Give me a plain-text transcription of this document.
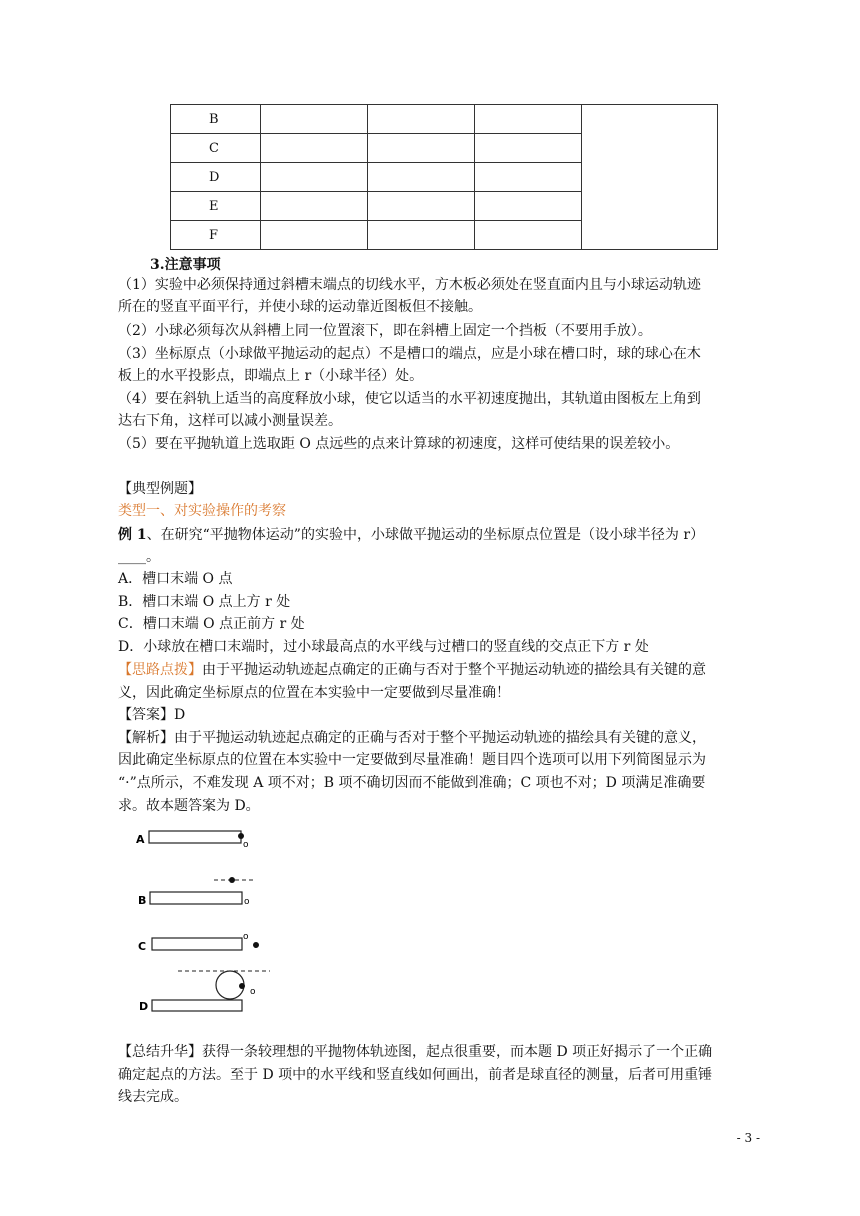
B				
C				
D				
E				
F				
3.注意事项
（1）实验中必须保持通过斜槽末端点的切线水平，方木板必须处在竖直面内且与小球运动轨迹
所在的竖直平面平行，并使小球的运动靠近图板但不接触。
（2）小球必须每次从斜槽上同一位置滚下，即在斜槽上固定一个挡板（不要用手放）。
（3）坐标原点（小球做平抛运动的起点）不是槽口的端点，应是小球在槽口时，球的球心在木
板上的水平投影点，即端点上 r（小球半径）处。
（4）要在斜轨上适当的高度释放小球，使它以适当的水平初速度抛出，其轨道由图板左上角到
达右下角，这样可以减小测量误差。
（5）要在平抛轨道上选取距 O 点远些的点来计算球的初速度，这样可使结果的误差较小。
【典型例题】
类型一、对实验操作的考察
例 1、在研究“平抛物体运动”的实验中，小球做平抛运动的坐标原点位置是（设小球半径为 r）
____。
A．槽口末端 O 点
B．槽口末端 O 点上方 r 处
C．槽口末端 O 点正前方 r 处
D．小球放在槽口末端时，过小球最高点的水平线与过槽口的竖直线的交点正下方 r 处
【思路点拨】由于平抛运动轨迹起点确定的正确与否对于整个平抛运动轨迹的描绘具有关键的意
义，因此确定坐标原点的位置在本实验中一定要做到尽量准确！
【答案】D
【解析】由于平抛运动轨迹起点确定的正确与否对于整个平抛运动轨迹的描绘具有关键的意义，
因此确定坐标原点的位置在本实验中一定要做到尽量准确！题目四个选项可以用下列简图显示为
“·”点所示，不难发现 A 项不对；B 项不确切因而不能做到准确；C 项也不对；D 项满足准确要
求。故本题答案为 D。
A	o
B	o
C
o
o
D
【总结升华】获得一条较理想的平抛物体轨迹图，起点很重要，而本题 D 项正好揭示了一个正确
确定起点的方法。至于 D 项中的水平线和竖直线如何画出，前者是球直径的测量，后者可用重锤
线去完成。
- 3 -
